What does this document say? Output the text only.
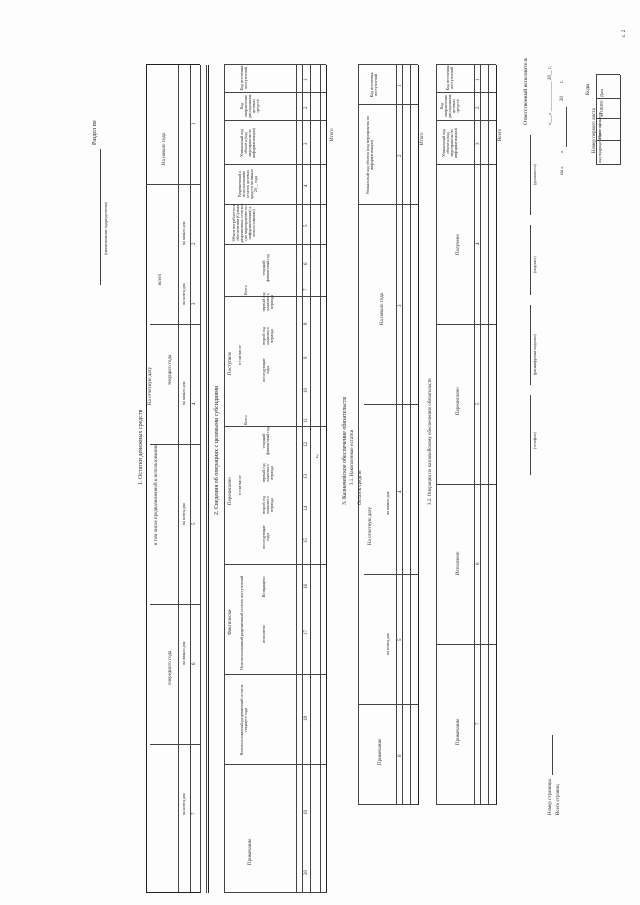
2
с. 2
Номер первого листа
на «
»
20
г.
Коды Дата
по ОКПО
Идентификатор
код подразделения
Раздел по
(наименование подразделения)
1. Остатки денежных средств
На начало года
На отчетную дату
всего
в том числе предназначенной к использованию
текущего года
очередного года
на начало дня
на конец дня
на начало дня
на конец дня
на начало дня
на конец дня
1
2
3
4
5
6
7
2. Сведения об операциях с целевыми субсидиями
Код источника поступлений
Код направления расходования целевых средств
Уникальный код объекта (код мероприятия по информатизации)
Разрешенный к использованию остаток целевых средств на начало 20__ года
Объем потребности в обеспечении (Сумма разрешенных остатков (по мероприятию по информатизации) к использованию)
Поступило
Перечислено
Фактически Неиспользованный разрешенный остаток поступлений
Неиспользованный разрешенный остаток текущего года
Примечание
Всего
в том числе
текущий финансовый год
первый год планового периода
второй год планового периода
последующие годы
Всего
в том числе
текущий финансовый год
первый год планового периода
второй год планового периода
последующие годы
Возвращено
исполнено
1
2
3
4
5
6
7
8
9
10
11
12
13
14
15
16
17
18
19
20
Итого
3. Казначейское обеспечение обязательств 3.1. Накопленные остатки
Код источника поступлений
Уникальный код объекта (код мероприятия по информатизации)
Остаток средств
На начало года
На отчетную дату
на начало дня
на конец дня
Примечание
1
2
3
4
5
6
Итого
3.2. Операции по казначейскому обеспечению обязательств
Код источника поступлений
Код направления расходования целевых средств
Уникальный код объекта (код мероприятия по информатизации)
Получено
Перечислено
Исполнено
Примечание
1
2
3
4
5
6
7
Всего
Ответственный исполнитель
(должность)
(подпись)
(расшифровка подписи)
(телефон)
«___» ____________ 20__ г.
Номер страницы Всего страниц
